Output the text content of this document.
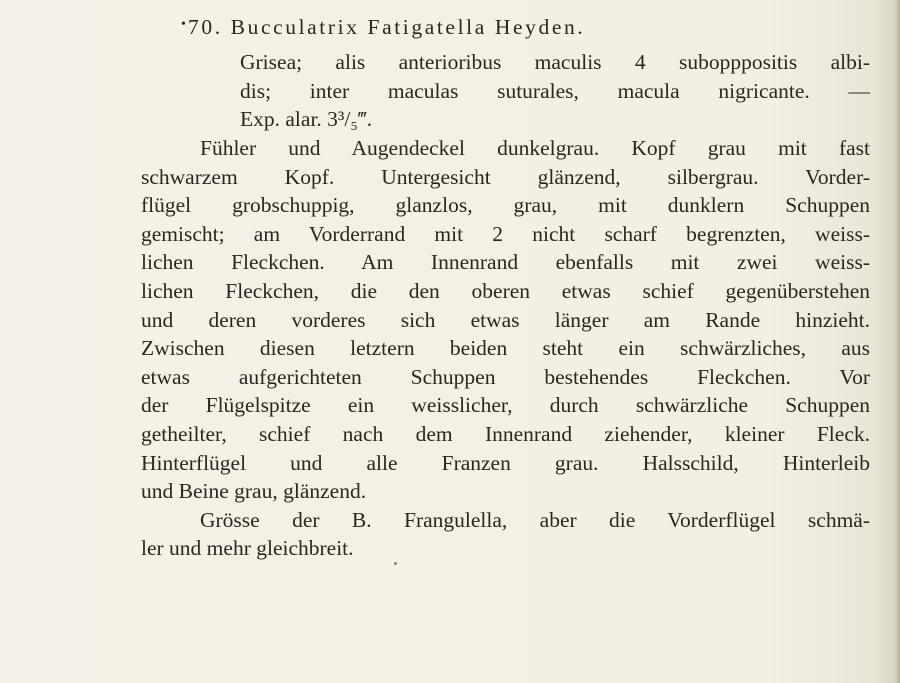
• 70. Bucculatrix Fatigatella Heyden.
Grisea; alis anterioribus maculis 4 subopppositis albi-
dis; inter maculas suturales, macula nigricante. —
Exp. alar. 3³/₅‴.
Fühler und Augendeckel dunkelgrau. Kopf grau mit fast
schwarzem Kopf. Untergesicht glänzend, silbergrau. Vorder-
flügel grobschuppig, glanzlos, grau, mit dunklern Schuppen
gemischt; am Vorderrand mit 2 nicht scharf begrenzten, weiss-
lichen Fleckchen. Am Innenrand ebenfalls mit zwei weiss-
lichen Fleckchen, die den oberen etwas schief gegenüberstehen
und deren vorderes sich etwas länger am Rande hinzieht.
Zwischen diesen letztern beiden steht ein schwärzliches, aus
etwas aufgerichteten Schuppen bestehendes Fleckchen. Vor
der Flügelspitze ein weisslicher, durch schwärzliche Schuppen
getheilter, schief nach dem Innenrand ziehender, kleiner Fleck.
Hinterflügel und alle Franzen grau. Halsschild, Hinterleib
und Beine grau, glänzend.
Grösse der B. Frangulella, aber die Vorderflügel schmä-
ler und mehr gleichbreit.
